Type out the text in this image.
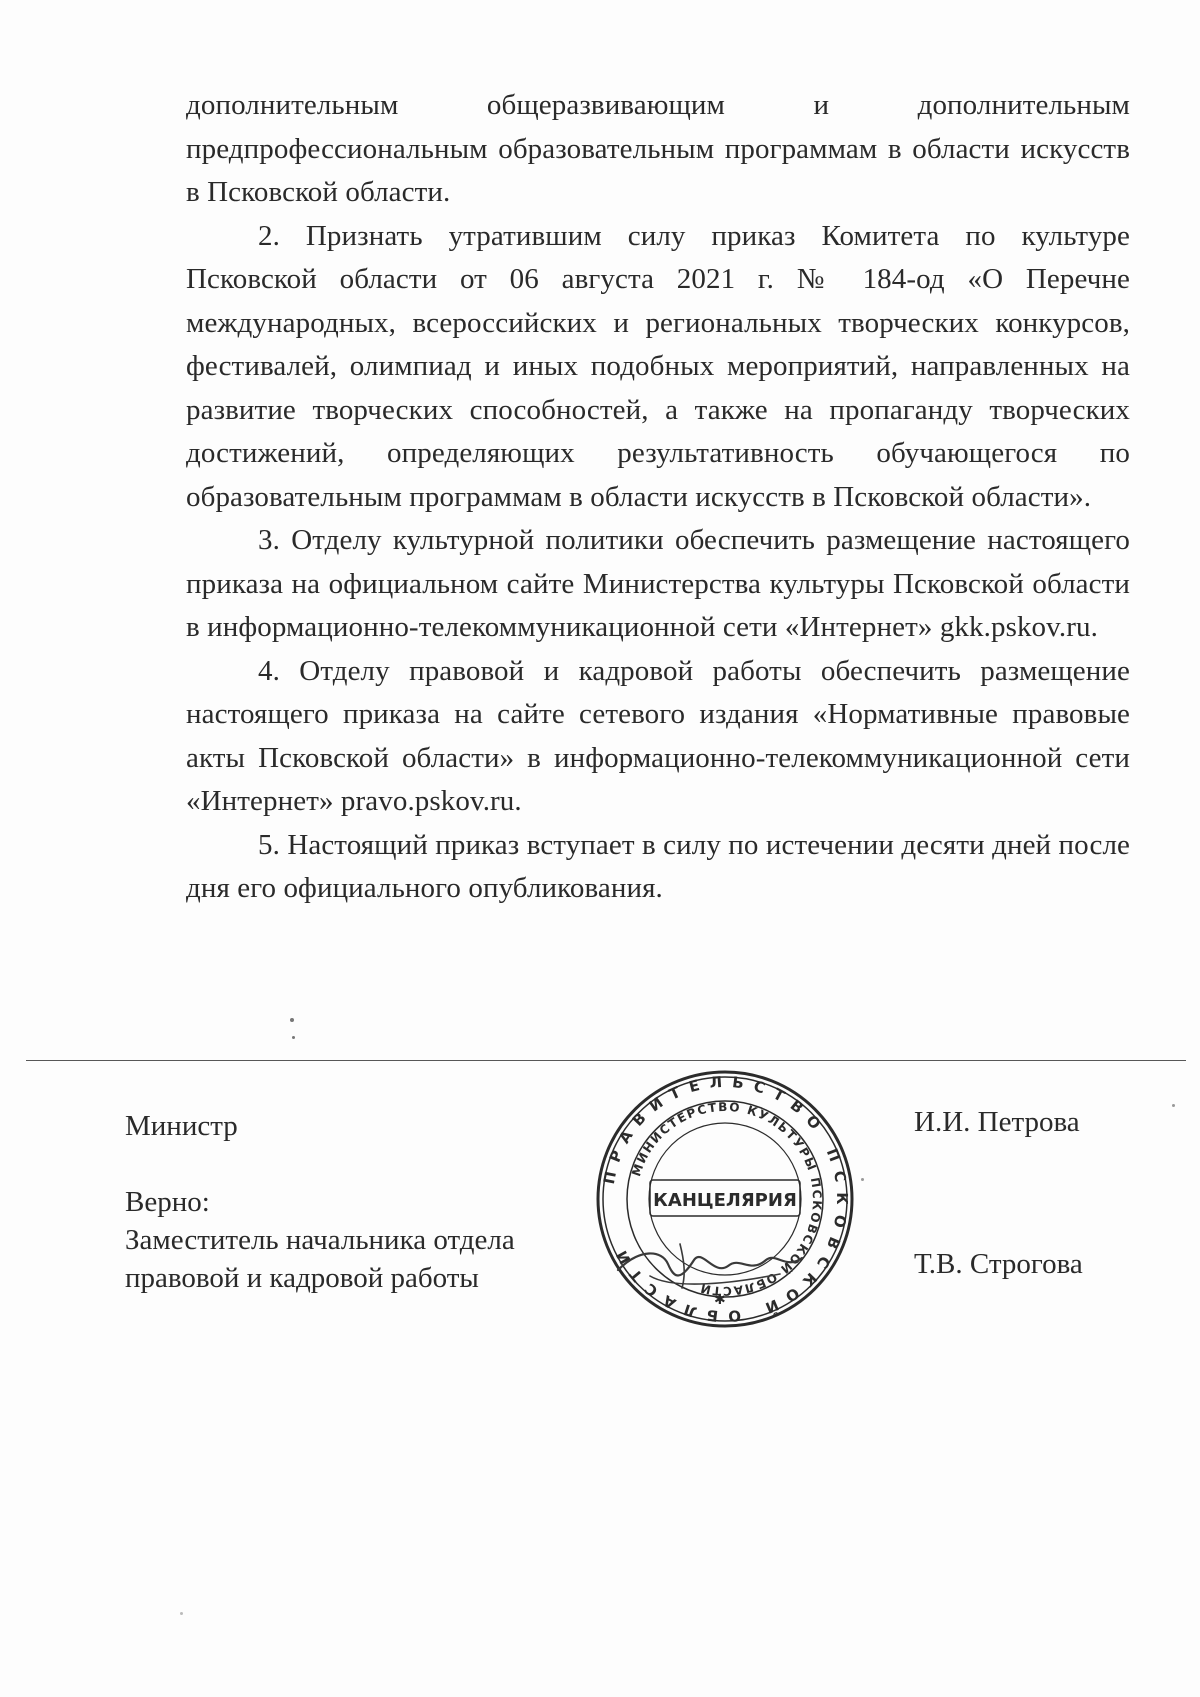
дополнительным общеразвивающим и дополнительным предпрофессиональным образовательным программам в области искусств в Псковской области.

2. Признать утратившим силу приказ Комитета по культуре Псковской области от 06 августа 2021 г. № 184-од «О Перечне международных, всероссийских и региональных творческих конкурсов, фестивалей, олимпиад и иных подобных мероприятий, направленных на развитие творческих способностей, а также на пропаганду творческих достижений, определяющих результативность обучающегося по образовательным программам в области искусств в Псковской области».

3. Отделу культурной политики обеспечить размещение настоящего приказа на официальном сайте Министерства культуры Псковской области в информационно-телекоммуникационной сети «Интернет» gkk.pskov.ru.

4. Отделу правовой и кадровой работы обеспечить размещение настоящего приказа на сайте сетевого издания «Нормативные правовые акты Псковской области» в информационно-телекоммуникационной сети «Интернет» pravo.pskov.ru.

5. Настоящий приказ вступает в силу по истечении десяти дней после дня его официального опубликования.

Министр	И.И. Петрова
Верно:
Заместитель начальника отдела
правовой и кадровой работы	Т.В. Строгова
ПРАВИТЕЛЬСТВО ПСКОВСКОЙ ОБЛАСТИ
МИНИСТЕРСТВО КУЛЬТУРЫ ПСКОВСКОЙ ОБЛАСТИ
КАНЦЕЛЯРИЯ
✱
